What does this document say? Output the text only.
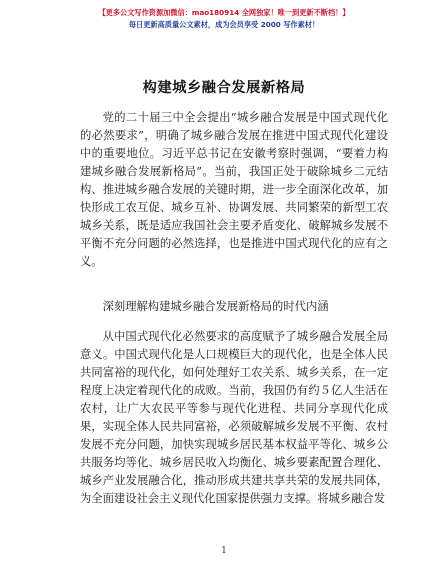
【更多公文写作资源加微信：mao180914 全网独家！唯一到更新不断档！】
每日更新高质量公文素材，成为会员享受 2000 写作素材！
构建城乡融合发展新格局

党的二十届三中全会提出“城乡融合发展是中国式现代化的必然要求”，明确了城乡融合发展在推进中国式现代化建设中的重要地位。习近平总书记在安徽考察时强调，“要着力构建城乡融合发展新格局”。当前，我国正处于破除城乡二元结构、推进城乡融合发展的关键时期，进一步全面深化改革，加快形成工农互促、城乡互补、协调发展、共同繁荣的新型工农城乡关系，既是适应我国社会主要矛盾变化、破解城乡发展不平衡不充分问题的必然选择，也是推进中国式现代化的应有之义。

深刻理解构建城乡融合发展新格局的时代内涵

从中国式现代化必然要求的高度赋予了城乡融合发展全局意义。中国式现代化是人口规模巨大的现代化，也是全体人民共同富裕的现代化，如何处理好工农关系、城乡关系，在一定程度上决定着现代化的成败。当前，我国仍有约５亿人生活在农村，让广大农民平等参与现代化进程、共同分享现代化成果，实现全体人民共同富裕，必须破解城乡发展不平衡、农村发展不充分问题，加快实现城乡居民基本权益平等化、城乡公共服务均等化、城乡居民收入均衡化、城乡要素配置合理化、城乡产业发展融合化，推动形成共建共享共荣的发展共同体，为全面建设社会主义现代化国家提供强力支撑。将城乡融合发

1
